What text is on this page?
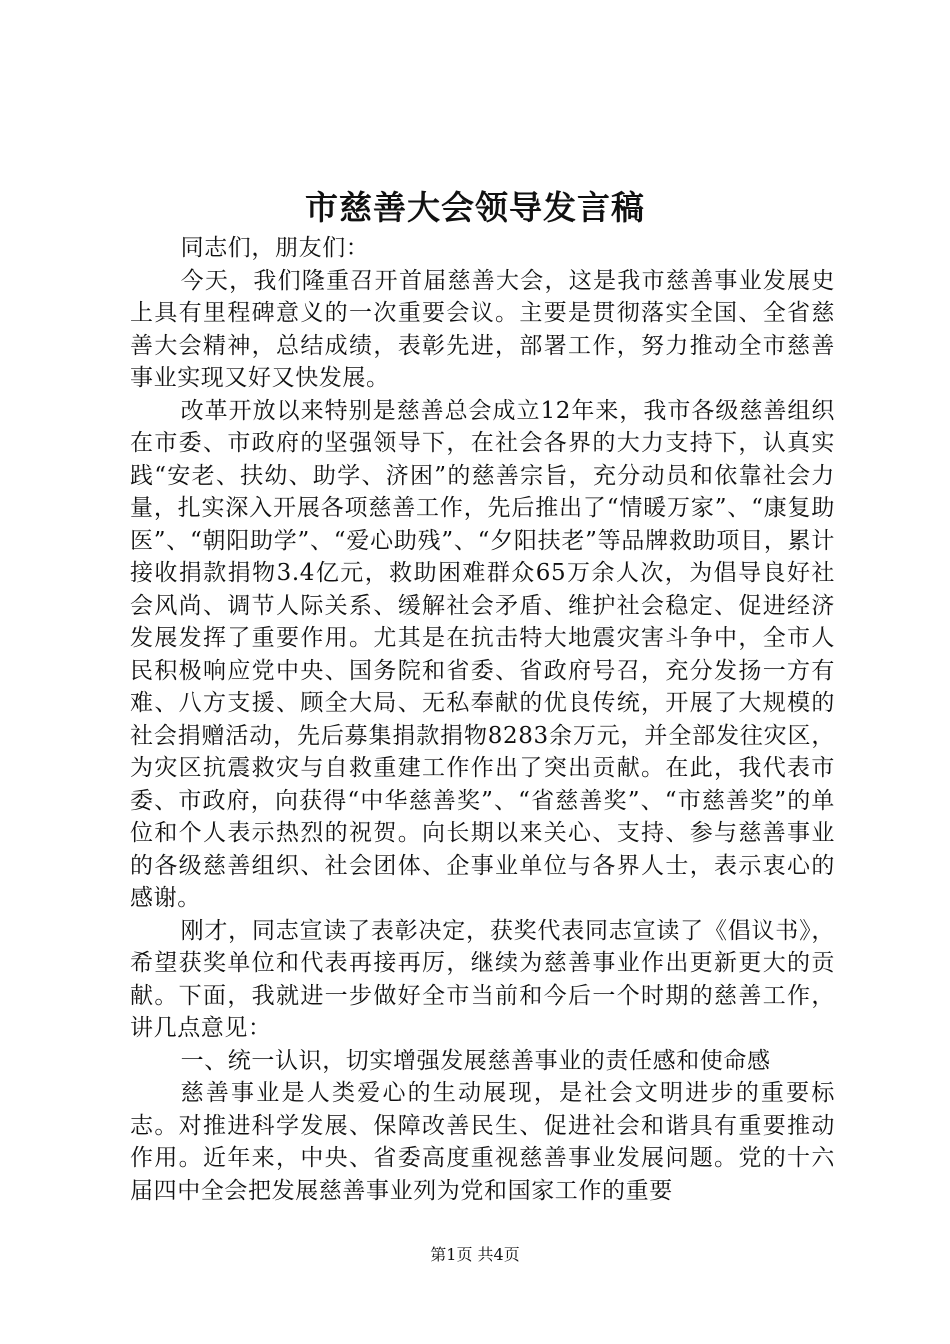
市慈善大会领导发言稿

同志们，朋友们：

今天，我们隆重召开首届慈善大会，这是我市慈善事业发展史上具有里程碑意义的一次重要会议。主要是贯彻落实全国、全省慈善大会精神，总结成绩，表彰先进，部署工作，努力推动全市慈善事业实现又好又快发展。

改革开放以来特别是慈善总会成立12年来，我市各级慈善组织在市委、市政府的坚强领导下，在社会各界的大力支持下，认真实践“安老、扶幼、助学、济困”的慈善宗旨，充分动员和依靠社会力量，扎实深入开展各项慈善工作，先后推出了“情暖万家”、“康复助医”、“朝阳助学”、“爱心助残”、“夕阳扶老”等品牌救助项目，累计接收捐款捐物3.4亿元，救助困难群众65万余人次，为倡导良好社会风尚、调节人际关系、缓解社会矛盾、维护社会稳定、促进经济发展发挥了重要作用。尤其是在抗击特大地震灾害斗争中，全市人民积极响应党中央、国务院和省委、省政府号召，充分发扬一方有难、八方支援、顾全大局、无私奉献的优良传统，开展了大规模的社会捐赠活动，先后募集捐款捐物8283余万元，并全部发往灾区，为灾区抗震救灾与自救重建工作作出了突出贡献。在此，我代表市委、市政府，向获得“中华慈善奖”、“省慈善奖”、“市慈善奖”的单位和个人表示热烈的祝贺。向长期以来关心、支持、参与慈善事业的各级慈善组织、社会团体、企事业单位与各界人士，表示衷心的感谢。

刚才，同志宣读了表彰决定，获奖代表同志宣读了《倡议书》，希望获奖单位和代表再接再厉，继续为慈善事业作出更新更大的贡献。下面，我就进一步做好全市当前和今后一个时期的慈善工作，讲几点意见：

一、统一认识，切实增强发展慈善事业的责任感和使命感

慈善事业是人类爱心的生动展现，是社会文明进步的重要标志。对推进科学发展、保障改善民生、促进社会和谐具有重要推动作用。近年来，中央、省委高度重视慈善事业发展问题。党的十六届四中全会把发展慈善事业列为党和国家工作的重要

第1页 共4页
